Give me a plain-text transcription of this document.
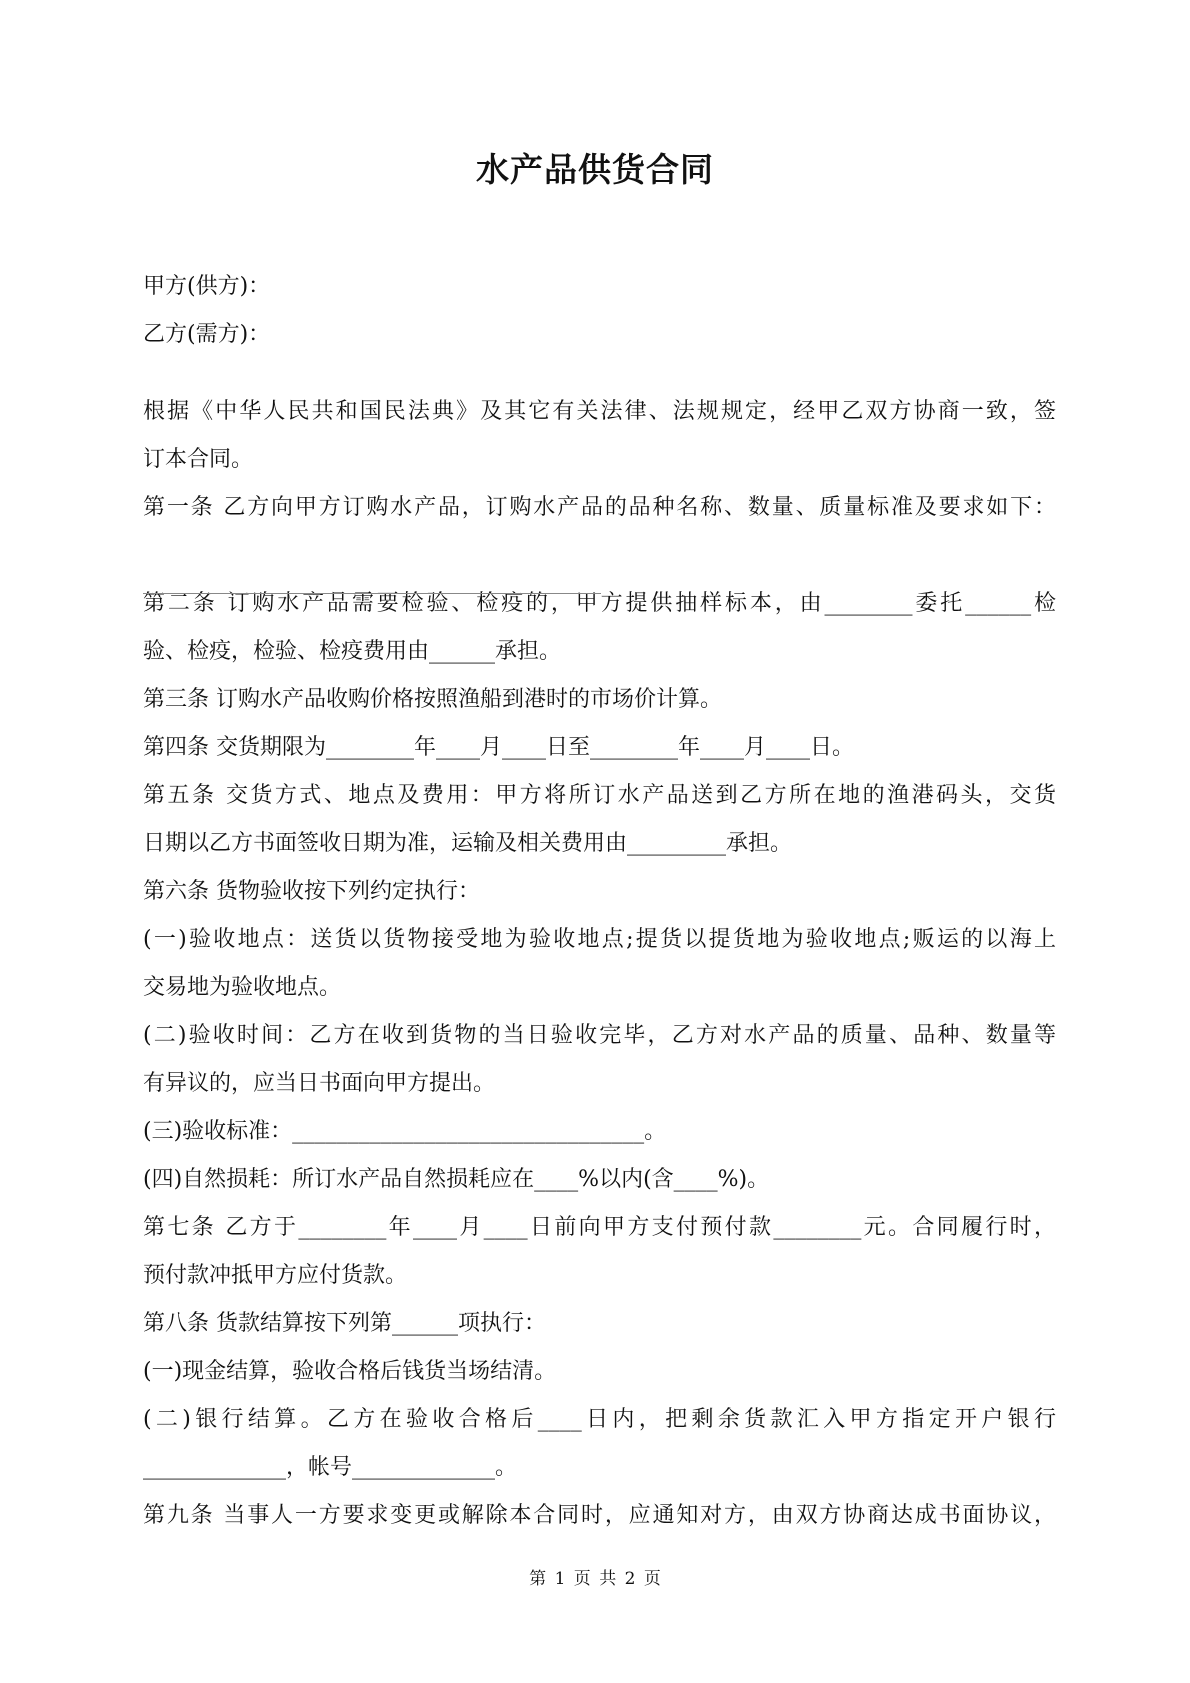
水产品供货合同
甲方(供方)：
乙方(需方)：
根据《中华人民共和国民法典》及其它有关法律、法规规定，经甲乙双方协商一致，签
订本合同。
第一条 乙方向甲方订购水产品，订购水产品的品种名称、数量、质量标准及要求如下：
第二条 订购水产品需要检验、检疫的，甲方提供抽样标本，由________委托______检
验、检疫，检验、检疫费用由______承担。
第三条 订购水产品收购价格按照渔船到港时的市场价计算。
第四条 交货期限为________年____月____日至________年____月____日。
第五条 交货方式、地点及费用：甲方将所订水产品送到乙方所在地的渔港码头，交货
日期以乙方书面签收日期为准，运输及相关费用由_________承担。
第六条 货物验收按下列约定执行：
(一)验收地点：送货以货物接受地为验收地点;提货以提货地为验收地点;贩运的以海上
交易地为验收地点。
(二)验收时间：乙方在收到货物的当日验收完毕，乙方对水产品的质量、品种、数量等
有异议的，应当日书面向甲方提出。
(三)验收标准：________________________________。
(四)自然损耗：所订水产品自然损耗应在____%以内(含____%)。
第七条 乙方于________年____月____日前向甲方支付预付款________元。合同履行时，
预付款冲抵甲方应付货款。
第八条 货款结算按下列第______项执行：
(一)现金结算，验收合格后钱货当场结清。
(二)银行结算。乙方在验收合格后____日内，把剩余货款汇入甲方指定开户银行
_____________，帐号_____________。
第九条 当事人一方要求变更或解除本合同时，应通知对方，由双方协商达成书面协议，
第 1 页 共 2 页
